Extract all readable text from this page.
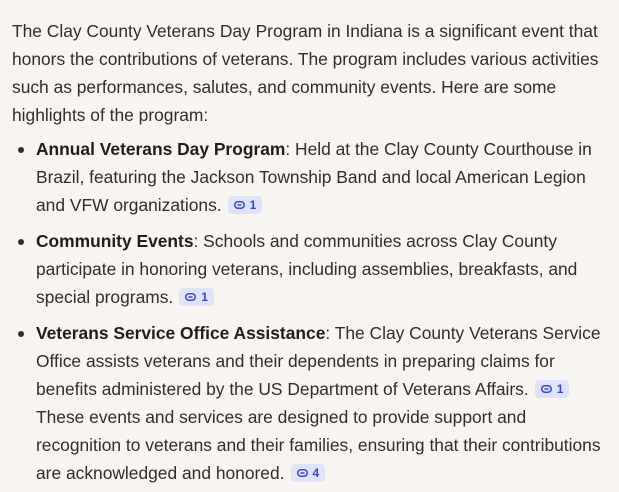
The Clay County Veterans Day Program in Indiana is a significant event that honors the contributions of veterans. The program includes various activities such as performances, salutes, and community events. Here are some highlights of the program:

Annual Veterans Day Program: Held at the Clay County Courthouse in Brazil, featuring the Jackson Township Band and local American Legion and VFW organizations. 1
Community Events: Schools and communities across Clay County participate in honoring veterans, including assemblies, breakfasts, and special programs. 1
Veterans Service Office Assistance: The Clay County Veterans Service Office assists veterans and their dependents in preparing claims for benefits administered by the US Department of Veterans Affairs. 1

These events and services are designed to provide support and recognition to veterans and their families, ensuring that their contributions are acknowledged and honored. 4
